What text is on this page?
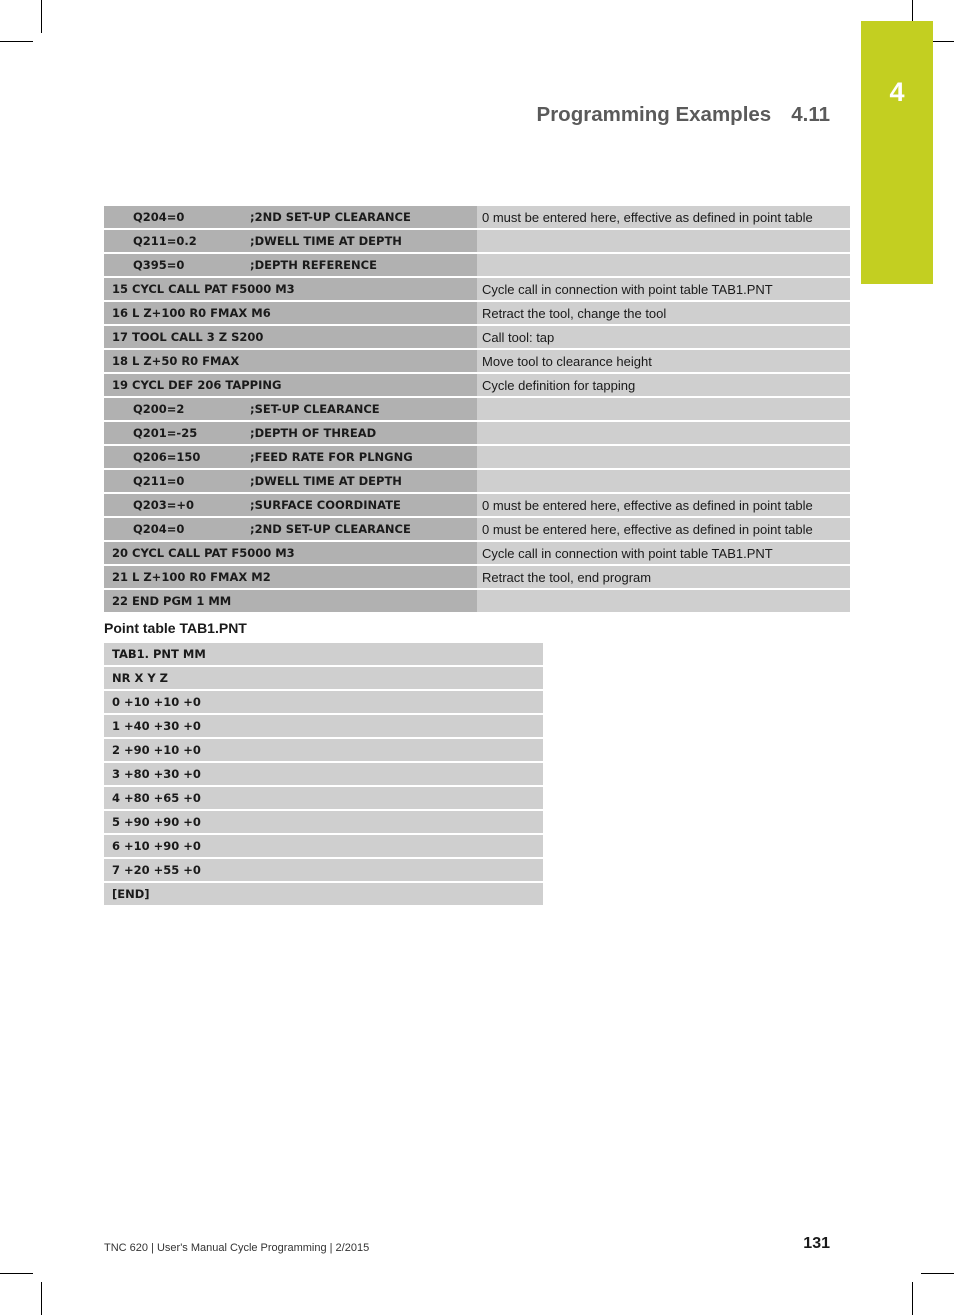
4
Programming Examples 4.11
Q204=0 ;2ND SET-UP CLEARANCE	0 must be entered here, effective as defined in point table
Q211=0.2 ;DWELL TIME AT DEPTH	
Q395=0 ;DEPTH REFERENCE	
15 CYCL CALL PAT F5000 M3	Cycle call in connection with point table TAB1.PNT
16 L Z+100 R0 FMAX M6	Retract the tool, change the tool
17 TOOL CALL 3 Z S200	Call tool: tap
18 L Z+50 R0 FMAX	Move tool to clearance height
19 CYCL DEF 206 TAPPING	Cycle definition for tapping
Q200=2 ;SET-UP CLEARANCE	
Q201=-25 ;DEPTH OF THREAD	
Q206=150 ;FEED RATE FOR PLNGNG	
Q211=0 ;DWELL TIME AT DEPTH	
Q203=+0 ;SURFACE COORDINATE	0 must be entered here, effective as defined in point table
Q204=0 ;2ND SET-UP CLEARANCE	0 must be entered here, effective as defined in point table
20 CYCL CALL PAT F5000 M3	Cycle call in connection with point table TAB1.PNT
21 L Z+100 R0 FMAX M2	Retract the tool, end program
22 END PGM 1 MM	
Point table TAB1.PNT
TAB1. PNT MM
NR X Y Z
0 +10 +10 +0
1 +40 +30 +0
2 +90 +10 +0
3 +80 +30 +0
4 +80 +65 +0
5 +90 +90 +0
6 +10 +90 +0
7 +20 +55 +0
[END]
TNC 620 | User's Manual Cycle Programming | 2/2015	131
